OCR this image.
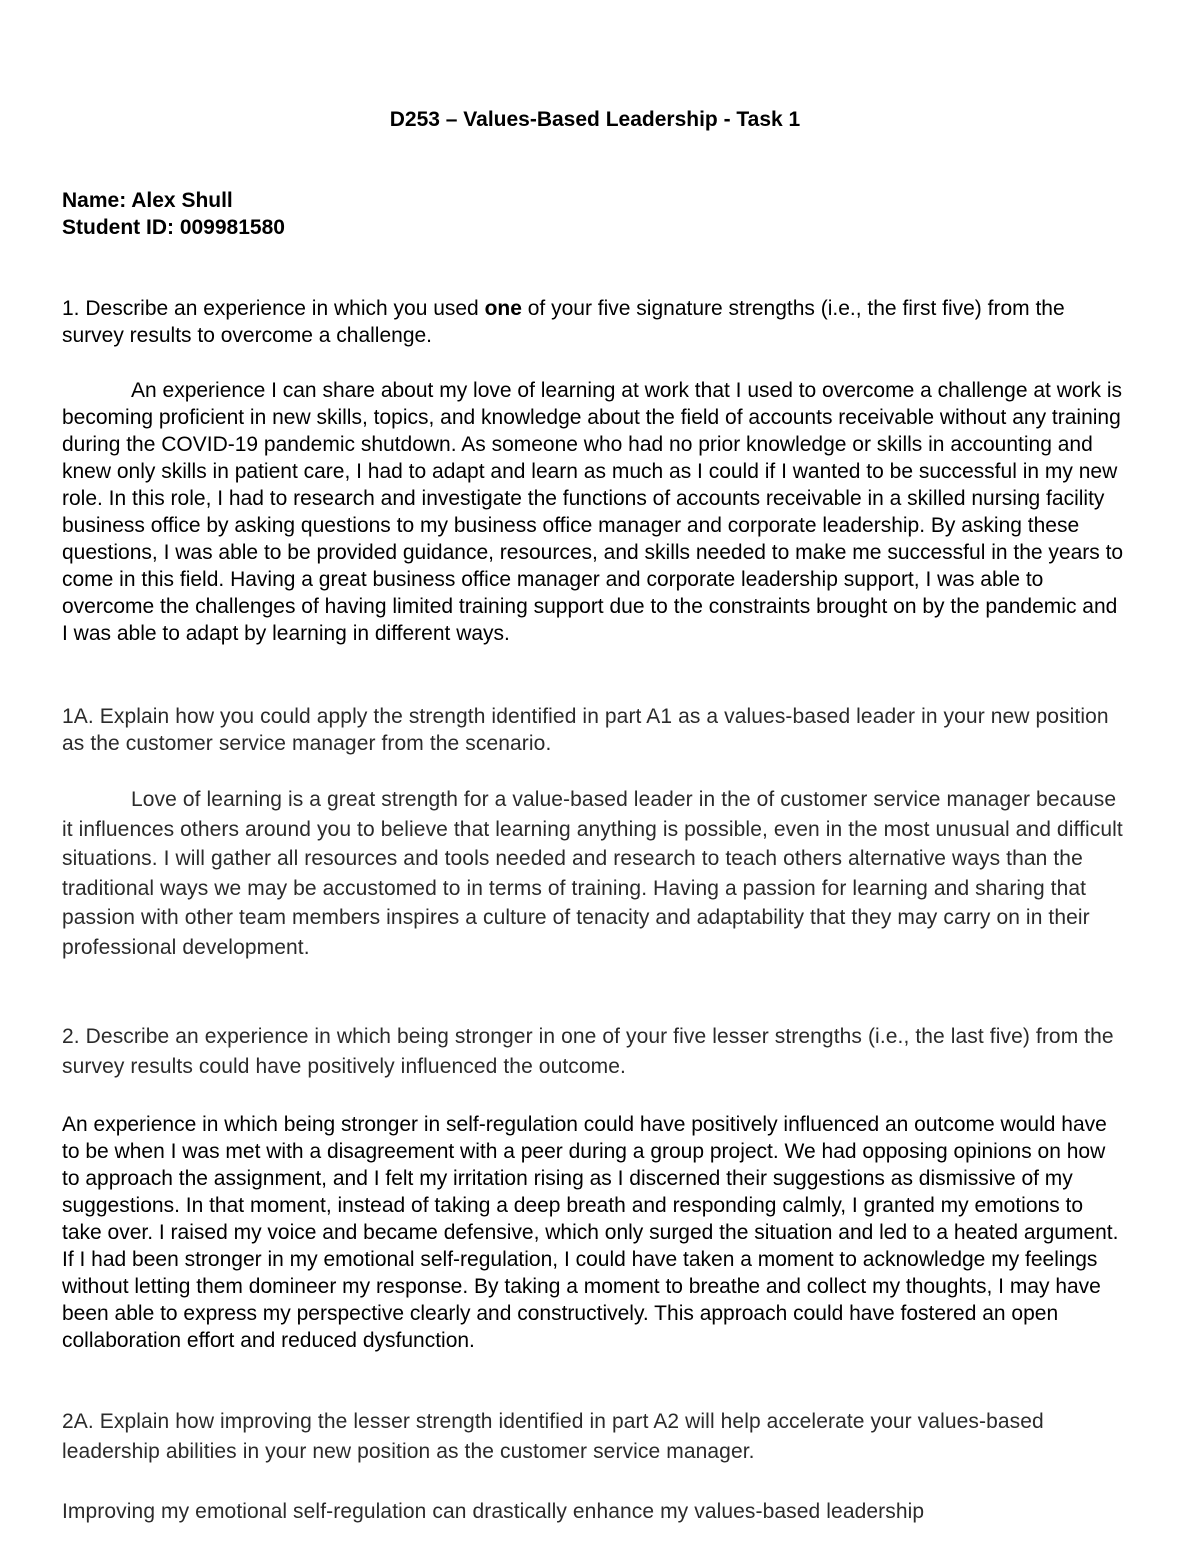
D253 – Values-Based Leadership - Task 1
Name: Alex Shull
Student ID: 009981580

1. Describe an experience in which you used one of your five signature strengths (i.e., the first five) from the survey results to overcome a challenge.

An experience I can share about my love of learning at work that I used to overcome a challenge at work is becoming proficient in new skills, topics, and knowledge about the field of accounts receivable without any training during the COVID-19 pandemic shutdown. As someone who had no prior knowledge or skills in accounting and knew only skills in patient care, I had to adapt and learn as much as I could if I wanted to be successful in my new role. In this role, I had to research and investigate the functions of accounts receivable in a skilled nursing facility business office by asking questions to my business office manager and corporate leadership. By asking these questions, I was able to be provided guidance, resources, and skills needed to make me successful in the years to come in this field. Having a great business office manager and corporate leadership support, I was able to overcome the challenges of having limited training support due to the constraints brought on by the pandemic and I was able to adapt by learning in different ways.

1A. Explain how you could apply the strength identified in part A1 as a values-based leader in your new position as the customer service manager from the scenario.

Love of learning is a great strength for a value-based leader in the of customer service manager because it influences others around you to believe that learning anything is possible, even in the most unusual and difficult situations. I will gather all resources and tools needed and research to teach others alternative ways than the traditional ways we may be accustomed to in terms of training. Having a passion for learning and sharing that passion with other team members inspires a culture of tenacity and adaptability that they may carry on in their professional development.

2. Describe an experience in which being stronger in one of your five lesser strengths (i.e., the last five) from the survey results could have positively influenced the outcome.

An experience in which being stronger in self-regulation could have positively influenced an outcome would have to be when I was met with a disagreement with a peer during a group project. We had opposing opinions on how to approach the assignment, and I felt my irritation rising as I discerned their suggestions as dismissive of my suggestions. In that moment, instead of taking a deep breath and responding calmly, I granted my emotions to take over. I raised my voice and became defensive, which only surged the situation and led to a heated argument. If I had been stronger in my emotional self-regulation, I could have taken a moment to acknowledge my feelings without letting them domineer my response. By taking a moment to breathe and collect my thoughts, I may have been able to express my perspective clearly and constructively. This approach could have fostered an open collaboration effort and reduced dysfunction.

2A. Explain how improving the lesser strength identified in part A2 will help accelerate your values-based leadership abilities in your new position as the customer service manager.

Improving my emotional self-regulation can drastically enhance my values-based leadership
